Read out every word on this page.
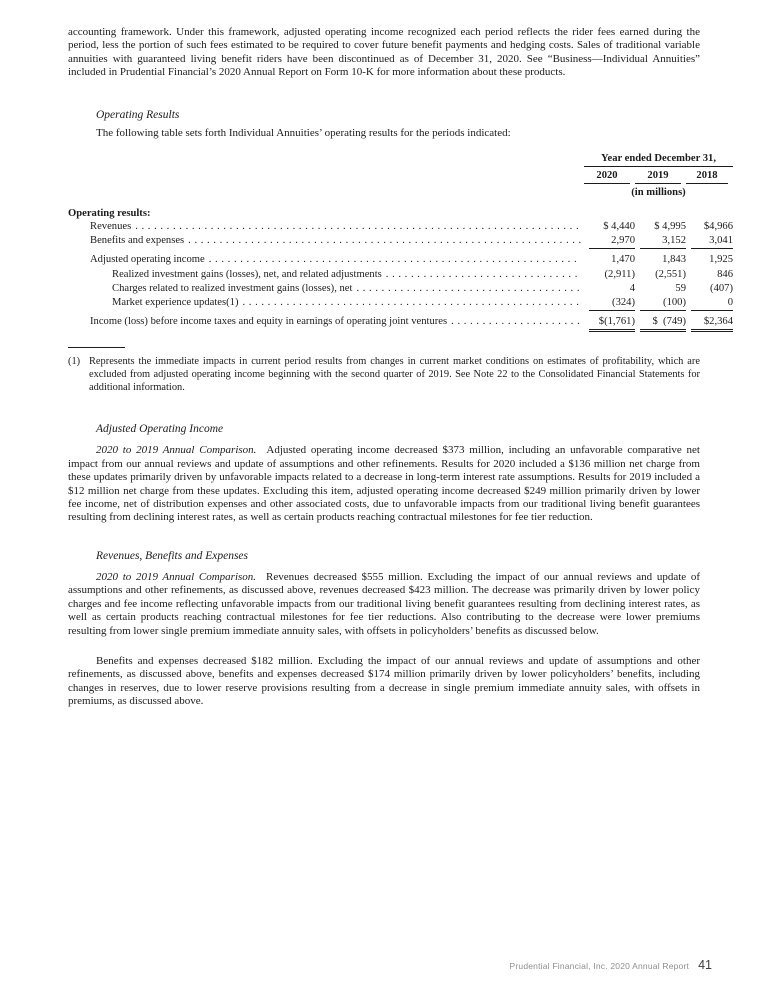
accounting framework. Under this framework, adjusted operating income recognized each period reflects the rider fees earned during the period, less the portion of such fees estimated to be required to cover future benefit payments and hedging costs. Sales of traditional variable annuities with guaranteed living benefit riders have been discontinued as of December 31, 2020. See “Business—Individual Annuities” included in Prudential Financial’s 2020 Annual Report on Form 10-K for more information about these products.

Operating Results

The following table sets forth Individual Annuities’ operating results for the periods indicated:

Year ended December 31,
2020	2019	2018
(in millions)
Operating results:
Revenues . . .	$ 4,440	$ 4,995	$4,966
Benefits and expenses . . .	2,970	3,152	3,041
Adjusted operating income . . .	1,470	1,843	1,925
Realized investment gains (losses), net, and related adjustments . . .	(2,911)	(2,551)	846
Charges related to realized investment gains (losses), net . . .	4	59	(407)
Market experience updates(1) . . .	(324)	(100)	0
Income (loss) before income taxes and equity in earnings of operating joint ventures . . .	$(1,761)	$  (749)	$2,364

(1) Represents the immediate impacts in current period results from changes in current market conditions on estimates of profitability, which are excluded from adjusted operating income beginning with the second quarter of 2019. See Note 22 to the Consolidated Financial Statements for additional information.

Adjusted Operating Income

2020 to 2019 Annual Comparison. Adjusted operating income decreased $373 million, including an unfavorable comparative net impact from our annual reviews and update of assumptions and other refinements. Results for 2020 included a $136 million net charge from these updates primarily driven by unfavorable impacts related to a decrease in long-term interest rate assumptions. Results for 2019 included a $12 million net charge from these updates. Excluding this item, adjusted operating income decreased $249 million primarily driven by lower fee income, net of distribution expenses and other associated costs, due to unfavorable impacts from our traditional living benefit guarantees resulting from declining interest rates, as well as certain products reaching contractual milestones for fee tier reduction.

Revenues, Benefits and Expenses

2020 to 2019 Annual Comparison. Revenues decreased $555 million. Excluding the impact of our annual reviews and update of assumptions and other refinements, as discussed above, revenues decreased $423 million. The decrease was primarily driven by lower policy charges and fee income reflecting unfavorable impacts from our traditional living benefit guarantees resulting from declining interest rates, as well as certain products reaching contractual milestones for fee tier reductions. Also contributing to the decrease were lower premiums resulting from lower single premium immediate annuity sales, with offsets in policyholders’ benefits as discussed below.

Benefits and expenses decreased $182 million. Excluding the impact of our annual reviews and update of assumptions and other refinements, as discussed above, benefits and expenses decreased $174 million primarily driven by lower policyholders’ benefits, including changes in reserves, due to lower reserve provisions resulting from a decrease in single premium immediate annuity sales, with offsets in premiums, as discussed above.

Prudential Financial, Inc. 2020 Annual Report 41
